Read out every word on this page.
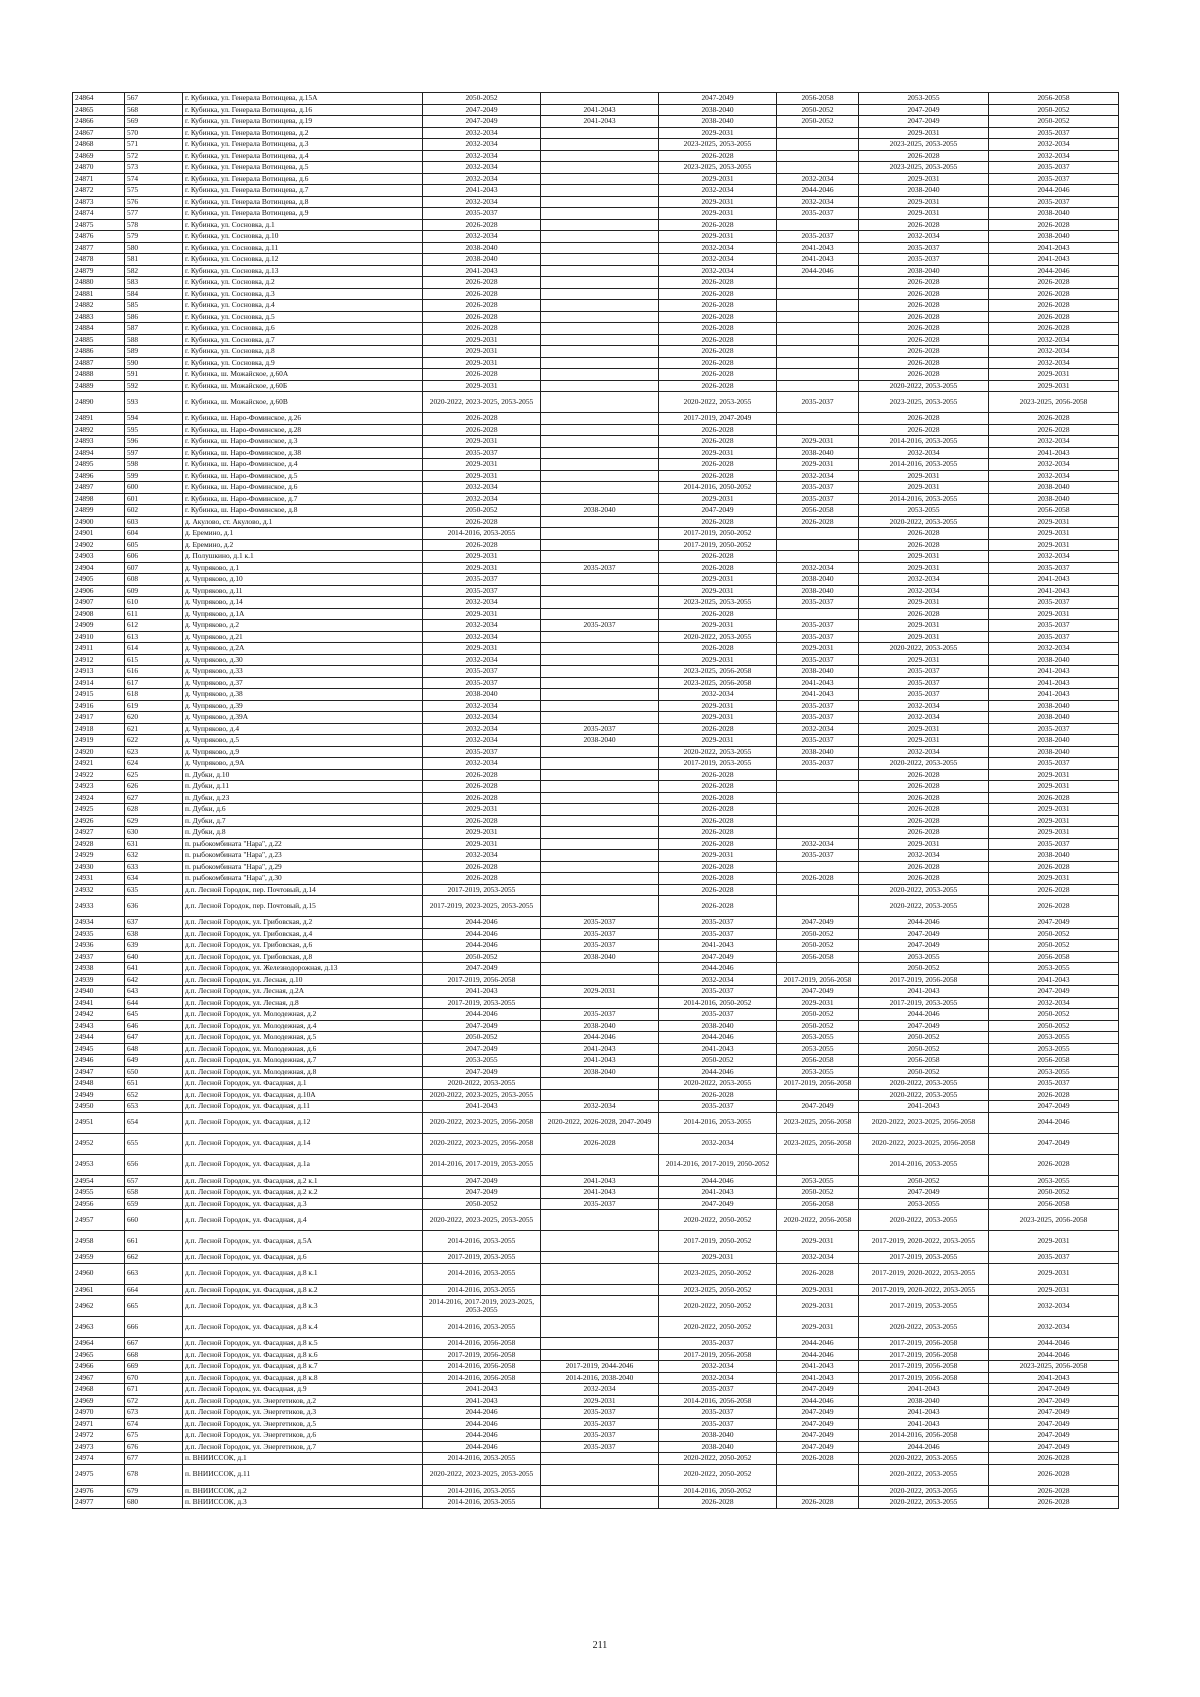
24864	567	г. Кубинка, ул. Генерала Вотинцева, д.15А	2050-2052		2047-2049	2056-2058	2053-2055	2056-2058
24865	568	г. Кубинка, ул. Генерала Вотинцева, д.16	2047-2049	2041-2043	2038-2040	2050-2052	2047-2049	2050-2052
24866	569	г. Кубинка, ул. Генерала Вотинцева, д.19	2047-2049	2041-2043	2038-2040	2050-2052	2047-2049	2050-2052
24867	570	г. Кубинка, ул. Генерала Вотинцева, д.2	2032-2034		2029-2031		2029-2031	2035-2037
24868	571	г. Кубинка, ул. Генерала Вотинцева, д.3	2032-2034		2023-2025, 2053-2055		2023-2025, 2053-2055	2032-2034
24869	572	г. Кубинка, ул. Генерала Вотинцева, д.4	2032-2034		2026-2028		2026-2028	2032-2034
24870	573	г. Кубинка, ул. Генерала Вотинцева, д.5	2032-2034		2023-2025, 2053-2055		2023-2025, 2053-2055	2035-2037
24871	574	г. Кубинка, ул. Генерала Вотинцева, д.6	2032-2034		2029-2031	2032-2034	2029-2031	2035-2037
24872	575	г. Кубинка, ул. Генерала Вотинцева, д.7	2041-2043		2032-2034	2044-2046	2038-2040	2044-2046
24873	576	г. Кубинка, ул. Генерала Вотинцева, д.8	2032-2034		2029-2031	2032-2034	2029-2031	2035-2037
24874	577	г. Кубинка, ул. Генерала Вотинцева, д.9	2035-2037		2029-2031	2035-2037	2029-2031	2038-2040
24875	578	г. Кубинка, ул. Сосновка, д.1	2026-2028		2026-2028		2026-2028	2026-2028
24876	579	г. Кубинка, ул. Сосновка, д.10	2032-2034		2029-2031	2035-2037	2032-2034	2038-2040
24877	580	г. Кубинка, ул. Сосновка, д.11	2038-2040		2032-2034	2041-2043	2035-2037	2041-2043
24878	581	г. Кубинка, ул. Сосновка, д.12	2038-2040		2032-2034	2041-2043	2035-2037	2041-2043
24879	582	г. Кубинка, ул. Сосновка, д.13	2041-2043		2032-2034	2044-2046	2038-2040	2044-2046
24880	583	г. Кубинка, ул. Сосновка, д.2	2026-2028		2026-2028		2026-2028	2026-2028
24881	584	г. Кубинка, ул. Сосновка, д.3	2026-2028		2026-2028		2026-2028	2026-2028
24882	585	г. Кубинка, ул. Сосновка, д.4	2026-2028		2026-2028		2026-2028	2026-2028
24883	586	г. Кубинка, ул. Сосновка, д.5	2026-2028		2026-2028		2026-2028	2026-2028
24884	587	г. Кубинка, ул. Сосновка, д.6	2026-2028		2026-2028		2026-2028	2026-2028
24885	588	г. Кубинка, ул. Сосновка, д.7	2029-2031		2026-2028		2026-2028	2032-2034
24886	589	г. Кубинка, ул. Сосновка, д.8	2029-2031		2026-2028		2026-2028	2032-2034
24887	590	г. Кубинка, ул. Сосновка, д.9	2029-2031		2026-2028		2026-2028	2032-2034
24888	591	г. Кубинка, ш. Можайское, д.60А	2026-2028		2026-2028		2026-2028	2029-2031
24889	592	г. Кубинка, ш. Можайское, д.60Б	2029-2031		2026-2028		2020-2022, 2053-2055	2029-2031
24890	593	г. Кубинка, ш. Можайское, д.60В	2020-2022, 2023-2025, 2053-2055		2020-2022, 2053-2055	2035-2037	2023-2025, 2053-2055	2023-2025, 2056-2058
24891	594	г. Кубинка, ш. Наро-Фоминское, д.26	2026-2028		2017-2019, 2047-2049		2026-2028	2026-2028
24892	595	г. Кубинка, ш. Наро-Фоминское, д.28	2026-2028		2026-2028		2026-2028	2026-2028
24893	596	г. Кубинка, ш. Наро-Фоминское, д.3	2029-2031		2026-2028	2029-2031	2014-2016, 2053-2055	2032-2034
24894	597	г. Кубинка, ш. Наро-Фоминское, д.38	2035-2037		2029-2031	2038-2040	2032-2034	2041-2043
24895	598	г. Кубинка, ш. Наро-Фоминское, д.4	2029-2031		2026-2028	2029-2031	2014-2016, 2053-2055	2032-2034
24896	599	г. Кубинка, ш. Наро-Фоминское, д.5	2029-2031		2026-2028	2032-2034	2029-2031	2032-2034
24897	600	г. Кубинка, ш. Наро-Фоминское, д.6	2032-2034		2014-2016, 2050-2052	2035-2037	2029-2031	2038-2040
24898	601	г. Кубинка, ш. Наро-Фоминское, д.7	2032-2034		2029-2031	2035-2037	2014-2016, 2053-2055	2038-2040
24899	602	г. Кубинка, ш. Наро-Фоминское, д.8	2050-2052	2038-2040	2047-2049	2056-2058	2053-2055	2056-2058
24900	603	д. Акулово, ст. Акулово, д.1	2026-2028		2026-2028	2026-2028	2020-2022, 2053-2055	2029-2031
24901	604	д. Еремино, д.1	2014-2016, 2053-2055		2017-2019, 2050-2052		2026-2028	2029-2031
24902	605	д. Еремино, д.2	2026-2028		2017-2019, 2050-2052		2026-2028	2029-2031
24903	606	д. Полушкино, д.1 к.1	2029-2031		2026-2028		2029-2031	2032-2034
24904	607	д. Чупряково, д.1	2029-2031	2035-2037	2026-2028	2032-2034	2029-2031	2035-2037
24905	608	д. Чупряково, д.10	2035-2037		2029-2031	2038-2040	2032-2034	2041-2043
24906	609	д. Чупряково, д.11	2035-2037		2029-2031	2038-2040	2032-2034	2041-2043
24907	610	д. Чупряково, д.14	2032-2034		2023-2025, 2053-2055	2035-2037	2029-2031	2035-2037
24908	611	д. Чупряково, д.1А	2029-2031		2026-2028		2026-2028	2029-2031
24909	612	д. Чупряково, д.2	2032-2034	2035-2037	2029-2031	2035-2037	2029-2031	2035-2037
24910	613	д. Чупряково, д.21	2032-2034		2020-2022, 2053-2055	2035-2037	2029-2031	2035-2037
24911	614	д. Чупряково, д.2А	2029-2031		2026-2028	2029-2031	2020-2022, 2053-2055	2032-2034
24912	615	д. Чупряково, д.30	2032-2034		2029-2031	2035-2037	2029-2031	2038-2040
24913	616	д. Чупряково, д.33	2035-2037		2023-2025, 2056-2058	2038-2040	2035-2037	2041-2043
24914	617	д. Чупряково, д.37	2035-2037		2023-2025, 2056-2058	2041-2043	2035-2037	2041-2043
24915	618	д. Чупряково, д.38	2038-2040		2032-2034	2041-2043	2035-2037	2041-2043
24916	619	д. Чупряково, д.39	2032-2034		2029-2031	2035-2037	2032-2034	2038-2040
24917	620	д. Чупряково, д.39А	2032-2034		2029-2031	2035-2037	2032-2034	2038-2040
24918	621	д. Чупряково, д.4	2032-2034	2035-2037	2026-2028	2032-2034	2029-2031	2035-2037
24919	622	д. Чупряково, д.5	2032-2034	2038-2040	2029-2031	2035-2037	2029-2031	2038-2040
24920	623	д. Чупряково, д.9	2035-2037		2020-2022, 2053-2055	2038-2040	2032-2034	2038-2040
24921	624	д. Чупряково, д.9А	2032-2034		2017-2019, 2053-2055	2035-2037	2020-2022, 2053-2055	2035-2037
24922	625	п. Дубки, д.10	2026-2028		2026-2028		2026-2028	2029-2031
24923	626	п. Дубки, д.11	2026-2028		2026-2028		2026-2028	2029-2031
24924	627	п. Дубки, д.23	2026-2028		2026-2028		2026-2028	2026-2028
24925	628	п. Дубки, д.6	2029-2031		2026-2028		2026-2028	2029-2031
24926	629	п. Дубки, д.7	2026-2028		2026-2028		2026-2028	2029-2031
24927	630	п. Дубки, д.8	2029-2031		2026-2028		2026-2028	2029-2031
24928	631	п. рыбокомбината "Нара", д.22	2029-2031		2026-2028	2032-2034	2029-2031	2035-2037
24929	632	п. рыбокомбината "Нара", д.23	2032-2034		2029-2031	2035-2037	2032-2034	2038-2040
24930	633	п. рыбокомбината "Нара", д.29	2026-2028		2026-2028		2026-2028	2026-2028
24931	634	п. рыбокомбината "Нара", д.30	2026-2028		2026-2028	2026-2028	2026-2028	2029-2031
24932	635	д.п. Лесной Городок, пер. Почтовый, д.14	2017-2019, 2053-2055		2026-2028		2020-2022, 2053-2055	2026-2028
24933	636	д.п. Лесной Городок, пер. Почтовый, д.15	2017-2019, 2023-2025, 2053-2055		2026-2028		2020-2022, 2053-2055	2026-2028
24934	637	д.п. Лесной Городок, ул. Грибовская, д.2	2044-2046	2035-2037	2035-2037	2047-2049	2044-2046	2047-2049
24935	638	д.п. Лесной Городок, ул. Грибовская, д.4	2044-2046	2035-2037	2035-2037	2050-2052	2047-2049	2050-2052
24936	639	д.п. Лесной Городок, ул. Грибовская, д.6	2044-2046	2035-2037	2041-2043	2050-2052	2047-2049	2050-2052
24937	640	д.п. Лесной Городок, ул. Грибовская, д.8	2050-2052	2038-2040	2047-2049	2056-2058	2053-2055	2056-2058
24938	641	д.п. Лесной Городок, ул. Железнодорожная, д.13	2047-2049		2044-2046		2050-2052	2053-2055
24939	642	д.п. Лесной Городок, ул. Лесная, д.10	2017-2019, 2056-2058		2032-2034	2017-2019, 2056-2058	2017-2019, 2056-2058	2041-2043
24940	643	д.п. Лесной Городок, ул. Лесная, д.2А	2041-2043	2029-2031	2035-2037	2047-2049	2041-2043	2047-2049
24941	644	д.п. Лесной Городок, ул. Лесная, д.8	2017-2019, 2053-2055		2014-2016, 2050-2052	2029-2031	2017-2019, 2053-2055	2032-2034
24942	645	д.п. Лесной Городок, ул. Молодежная, д.2	2044-2046	2035-2037	2035-2037	2050-2052	2044-2046	2050-2052
24943	646	д.п. Лесной Городок, ул. Молодежная, д.4	2047-2049	2038-2040	2038-2040	2050-2052	2047-2049	2050-2052
24944	647	д.п. Лесной Городок, ул. Молодежная, д.5	2050-2052	2044-2046	2044-2046	2053-2055	2050-2052	2053-2055
24945	648	д.п. Лесной Городок, ул. Молодежная, д.6	2047-2049	2041-2043	2041-2043	2053-2055	2050-2052	2053-2055
24946	649	д.п. Лесной Городок, ул. Молодежная, д.7	2053-2055	2041-2043	2050-2052	2056-2058	2056-2058	2056-2058
24947	650	д.п. Лесной Городок, ул. Молодежная, д.8	2047-2049	2038-2040	2044-2046	2053-2055	2050-2052	2053-2055
24948	651	д.п. Лесной Городок, ул. Фасадная, д.1	2020-2022, 2053-2055		2020-2022, 2053-2055	2017-2019, 2056-2058	2020-2022, 2053-2055	2035-2037
24949	652	д.п. Лесной Городок, ул. Фасадная, д.10А	2020-2022, 2023-2025, 2053-2055		2026-2028		2020-2022, 2053-2055	2026-2028
24950	653	д.п. Лесной Городок, ул. Фасадная, д.11	2041-2043	2032-2034	2035-2037	2047-2049	2041-2043	2047-2049
24951	654	д.п. Лесной Городок, ул. Фасадная, д.12	2020-2022, 2023-2025, 2056-2058	2020-2022, 2026-2028, 2047-2049	2014-2016, 2053-2055	2023-2025, 2056-2058	2020-2022, 2023-2025, 2056-2058	2044-2046
24952	655	д.п. Лесной Городок, ул. Фасадная, д.14	2020-2022, 2023-2025, 2056-2058	2026-2028	2032-2034	2023-2025, 2056-2058	2020-2022, 2023-2025, 2056-2058	2047-2049
24953	656	д.п. Лесной Городок, ул. Фасадная, д.1а	2014-2016, 2017-2019, 2053-2055		2014-2016, 2017-2019, 2050-2052		2014-2016, 2053-2055	2026-2028
24954	657	д.п. Лесной Городок, ул. Фасадная, д.2 к.1	2047-2049	2041-2043	2044-2046	2053-2055	2050-2052	2053-2055
24955	658	д.п. Лесной Городок, ул. Фасадная, д.2 к.2	2047-2049	2041-2043	2041-2043	2050-2052	2047-2049	2050-2052
24956	659	д.п. Лесной Городок, ул. Фасадная, д.3	2050-2052	2035-2037	2047-2049	2056-2058	2053-2055	2056-2058
24957	660	д.п. Лесной Городок, ул. Фасадная, д.4	2020-2022, 2023-2025, 2053-2055		2020-2022, 2050-2052	2020-2022, 2056-2058	2020-2022, 2053-2055	2023-2025, 2056-2058
24958	661	д.п. Лесной Городок, ул. Фасадная, д.5А	2014-2016, 2053-2055		2017-2019, 2050-2052	2029-2031	2017-2019, 2020-2022, 2053-2055	2029-2031
24959	662	д.п. Лесной Городок, ул. Фасадная, д.6	2017-2019, 2053-2055		2029-2031	2032-2034	2017-2019, 2053-2055	2035-2037
24960	663	д.п. Лесной Городок, ул. Фасадная, д.8 к.1	2014-2016, 2053-2055		2023-2025, 2050-2052	2026-2028	2017-2019, 2020-2022, 2053-2055	2029-2031
24961	664	д.п. Лесной Городок, ул. Фасадная, д.8 к.2	2014-2016, 2053-2055		2023-2025, 2050-2052	2029-2031	2017-2019, 2020-2022, 2053-2055	2029-2031
24962	665	д.п. Лесной Городок, ул. Фасадная, д.8 к.3	2014-2016, 2017-2019, 2023-2025, 2053-2055		2020-2022, 2050-2052	2029-2031	2017-2019, 2053-2055	2032-2034
24963	666	д.п. Лесной Городок, ул. Фасадная, д.8 к.4	2014-2016, 2053-2055		2020-2022, 2050-2052	2029-2031	2020-2022, 2053-2055	2032-2034
24964	667	д.п. Лесной Городок, ул. Фасадная, д.8 к.5	2014-2016, 2056-2058		2035-2037	2044-2046	2017-2019, 2056-2058	2044-2046
24965	668	д.п. Лесной Городок, ул. Фасадная, д.8 к.6	2017-2019, 2056-2058		2017-2019, 2056-2058	2044-2046	2017-2019, 2056-2058	2044-2046
24966	669	д.п. Лесной Городок, ул. Фасадная, д.8 к.7	2014-2016, 2056-2058	2017-2019, 2044-2046	2032-2034	2041-2043	2017-2019, 2056-2058	2023-2025, 2056-2058
24967	670	д.п. Лесной Городок, ул. Фасадная, д.8 к.8	2014-2016, 2056-2058	2014-2016, 2038-2040	2032-2034	2041-2043	2017-2019, 2056-2058	2041-2043
24968	671	д.п. Лесной Городок, ул. Фасадная, д.9	2041-2043	2032-2034	2035-2037	2047-2049	2041-2043	2047-2049
24969	672	д.п. Лесной Городок, ул. Энергетиков, д.2	2041-2043	2029-2031	2014-2016, 2056-2058	2044-2046	2038-2040	2047-2049
24970	673	д.п. Лесной Городок, ул. Энергетиков, д.3	2044-2046	2035-2037	2035-2037	2047-2049	2041-2043	2047-2049
24971	674	д.п. Лесной Городок, ул. Энергетиков, д.5	2044-2046	2035-2037	2035-2037	2047-2049	2041-2043	2047-2049
24972	675	д.п. Лесной Городок, ул. Энергетиков, д.6	2044-2046	2035-2037	2038-2040	2047-2049	2014-2016, 2056-2058	2047-2049
24973	676	д.п. Лесной Городок, ул. Энергетиков, д.7	2044-2046	2035-2037	2038-2040	2047-2049	2044-2046	2047-2049
24974	677	п. ВНИИССОК, д.1	2014-2016, 2053-2055		2020-2022, 2050-2052	2026-2028	2020-2022, 2053-2055	2026-2028
24975	678	п. ВНИИССОК, д.11	2020-2022, 2023-2025, 2053-2055		2020-2022, 2050-2052		2020-2022, 2053-2055	2026-2028
24976	679	п. ВНИИССОК, д.2	2014-2016, 2053-2055		2014-2016, 2050-2052		2020-2022, 2053-2055	2026-2028
24977	680	п. ВНИИССОК, д.3	2014-2016, 2053-2055		2026-2028	2026-2028	2020-2022, 2053-2055	2026-2028
211
